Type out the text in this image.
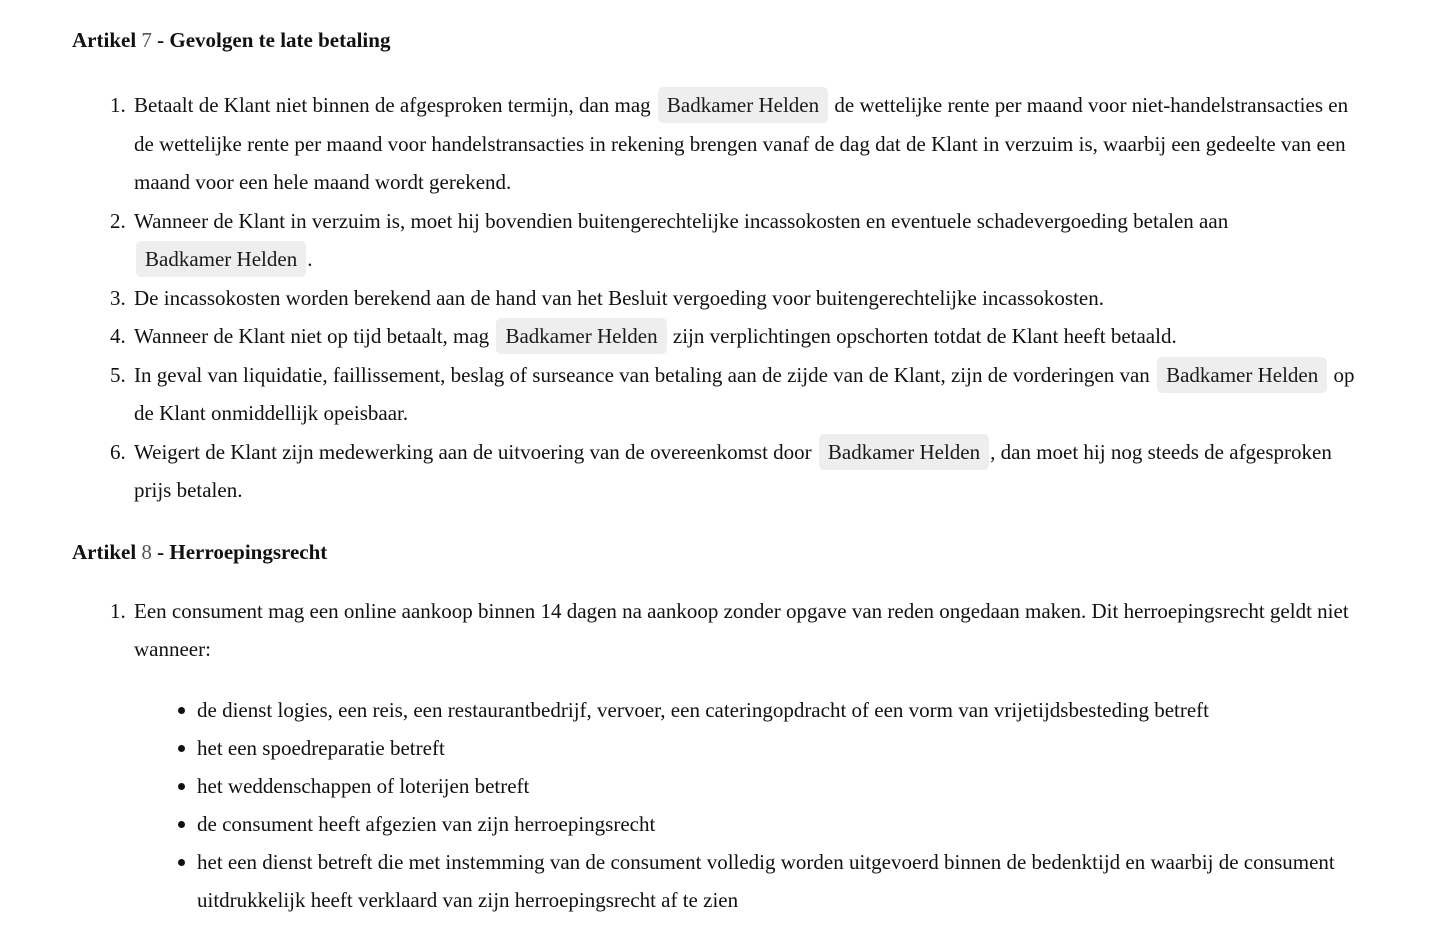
Artikel 7 - Gevolgen te late betaling
1. Betaalt de Klant niet binnen de afgesproken termijn, dan mag Badkamer Helden de wettelijke rente per maand voor niet-handelstransacties en de wettelijke rente per maand voor handelstransacties in rekening brengen vanaf de dag dat de Klant in verzuim is, waarbij een gedeelte van een maand voor een hele maand wordt gerekend.
2. Wanneer de Klant in verzuim is, moet hij bovendien buitengerechtelijke incassokosten en eventuele schadevergoeding betalen aan Badkamer Helden .
3. De incassokosten worden berekend aan de hand van het Besluit vergoeding voor buitengerechtelijke incassokosten.
4. Wanneer de Klant niet op tijd betaalt, mag Badkamer Helden zijn verplichtingen opschorten totdat de Klant heeft betaald.
5. In geval van liquidatie, faillissement, beslag of surseance van betaling aan de zijde van de Klant, zijn de vorderingen van Badkamer Helden op de Klant onmiddellijk opeisbaar.
6. Weigert de Klant zijn medewerking aan de uitvoering van de overeenkomst door Badkamer Helden , dan moet hij nog steeds de afgesproken prijs betalen.
Artikel 8 - Herroepingsrecht
1. Een consument mag een online aankoop binnen 14 dagen na aankoop zonder opgave van reden ongedaan maken. Dit herroepingsrecht geldt niet wanneer:
de dienst logies, een reis, een restaurantbedrijf, vervoer, een cateringopdracht of een vorm van vrijetijdsbesteding betreft
het een spoedreparatie betreft
het weddenschappen of loterijen betreft
de consument heeft afgezien van zijn herroepingsrecht
het een dienst betreft die met instemming van de consument volledig worden uitgevoerd binnen de bedenktijd en waarbij de consument uitdrukkelijk heeft verklaard van zijn herroepingsrecht af te zien
